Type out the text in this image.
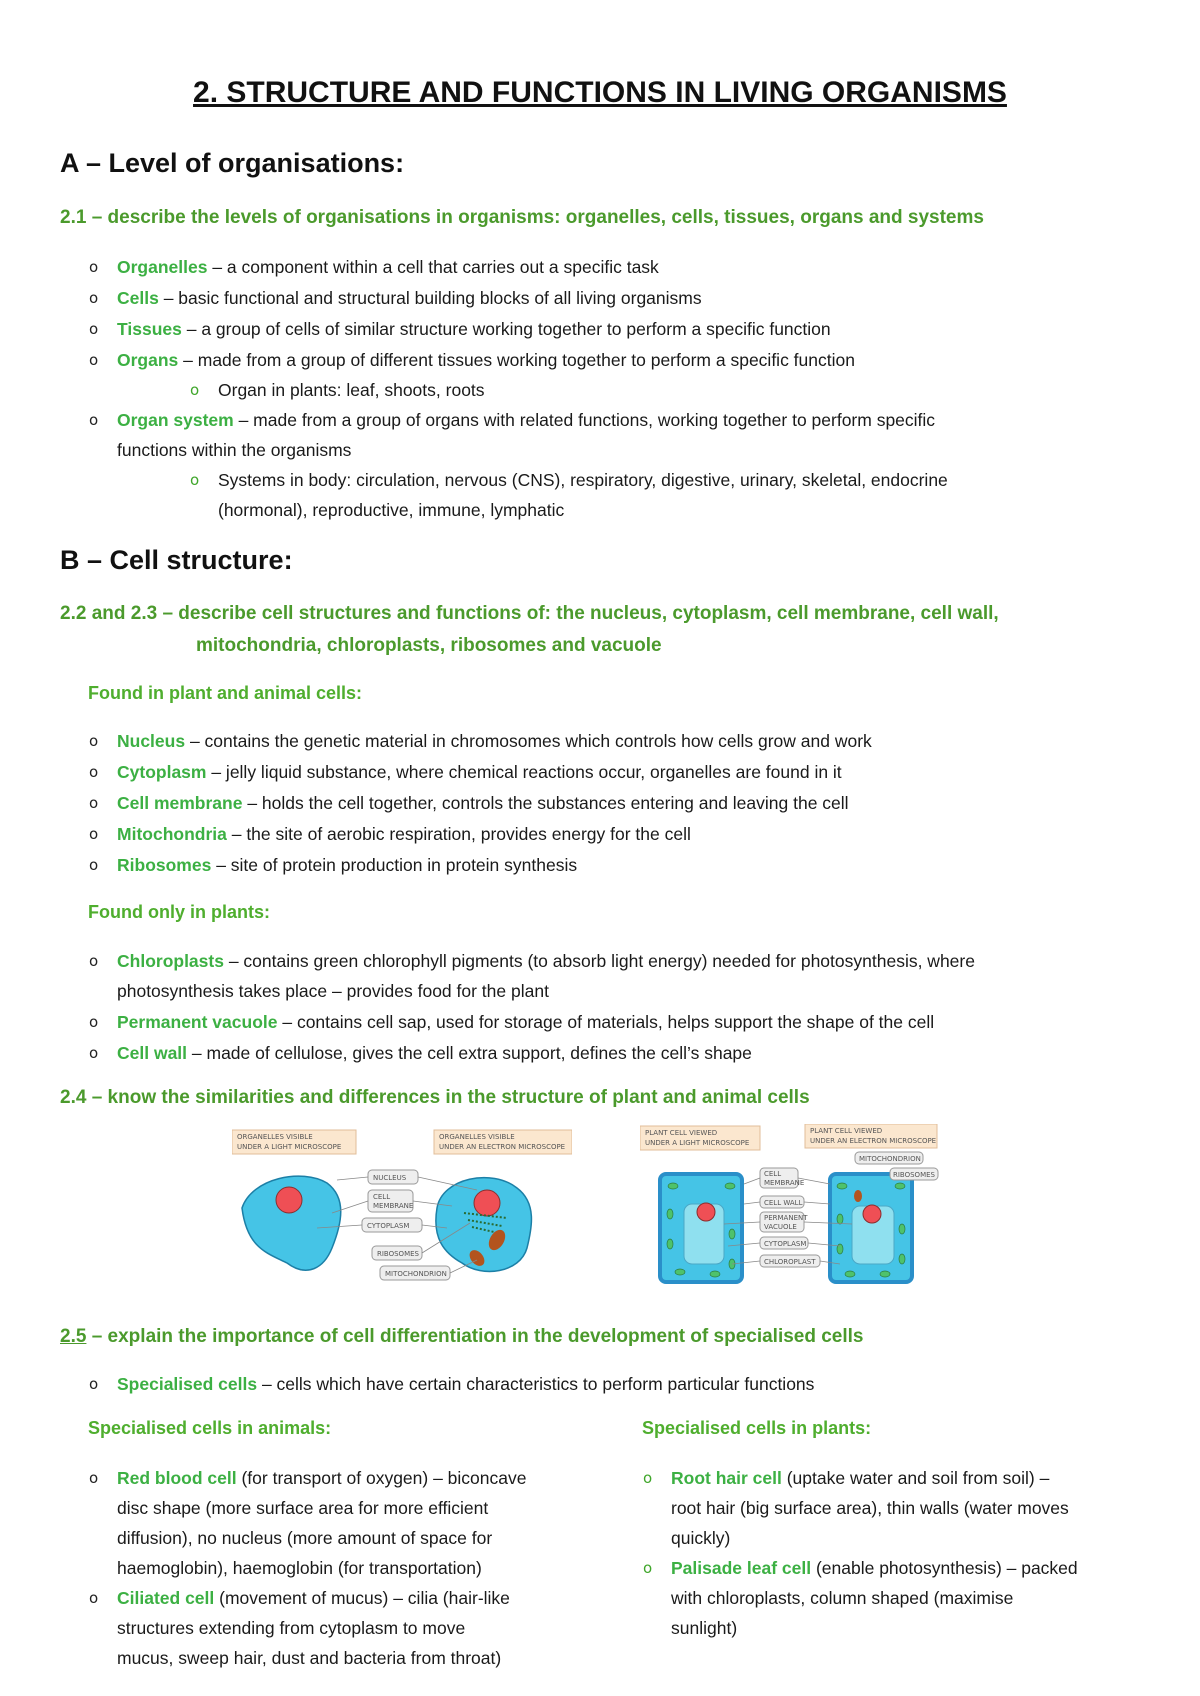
2. STRUCTURE AND FUNCTIONS IN LIVING ORGANISMS
A – Level of organisations:
2.1 – describe the levels of organisations in organisms: organelles, cells, tissues, organs and systems
o Organelles – a component within a cell that carries out a specific task
o Cells – basic functional and structural building blocks of all living organisms
o Tissues – a group of cells of similar structure working together to perform a specific function
o Organs – made from a group of different tissues working together to perform a specific function
o Organ in plants: leaf, shoots, roots
o Organ system – made from a group of organs with related functions, working together to perform specific
functions within the organisms
o Systems in body: circulation, nervous (CNS), respiratory, digestive, urinary, skeletal, endocrine
(hormonal), reproductive, immune, lymphatic
B – Cell structure:
2.2 and 2.3 – describe cell structures and functions of: the nucleus, cytoplasm, cell membrane, cell wall,
mitochondria, chloroplasts, ribosomes and vacuole
Found in plant and animal cells:
o Nucleus – contains the genetic material in chromosomes which controls how cells grow and work
o Cytoplasm – jelly liquid substance, where chemical reactions occur, organelles are found in it
o Cell membrane – holds the cell together, controls the substances entering and leaving the cell
o Mitochondria – the site of aerobic respiration, provides energy for the cell
o Ribosomes – site of protein production in protein synthesis
Found only in plants:
o Chloroplasts – contains green chlorophyll pigments (to absorb light energy) needed for photosynthesis, where
photosynthesis takes place – provides food for the plant
o Permanent vacuole – contains cell sap, used for storage of materials, helps support the shape of the cell
o Cell wall – made of cellulose, gives the cell extra support, defines the cell’s shape
2.4 – know the similarities and differences in the structure of plant and animal cells
ORGANELLES VISIBLE
UNDER A LIGHT MICROSCOPE
ORGANELLES VISIBLE
UNDER AN ELECTRON MICROSCOPE
NUCLEUS
CELL
MEMBRANE
CYTOPLASM
RIBOSOMES
MITOCHONDRION
PLANT CELL VIEWED
UNDER A LIGHT MICROSCOPE
PLANT CELL VIEWED
UNDER AN ELECTRON MICROSCOPE
CELL
MEMBRANE
CELL WALL
PERMANENT
VACUOLE
CYTOPLASM
CHLOROPLAST
MITOCHONDRION
RIBOSOMES
2.5 – explain the importance of cell differentiation in the development of specialised cells
o Specialised cells – cells which have certain characteristics to perform particular functions
Specialised cells in animals:	Specialised cells in plants:
o Red blood cell (for transport of oxygen) – biconcave
disc shape (more surface area for more efficient
diffusion), no nucleus (more amount of space for
haemoglobin), haemoglobin (for transportation)
o Ciliated cell (movement of mucus) – cilia (hair-like
structures extending from cytoplasm to move
mucus, sweep hair, dust and bacteria from throat)
o Root hair cell (uptake water and soil from soil) –
root hair (big surface area), thin walls (water moves
quickly)
o Palisade leaf cell (enable photosynthesis) – packed
with chloroplasts, column shaped (maximise
sunlight)
